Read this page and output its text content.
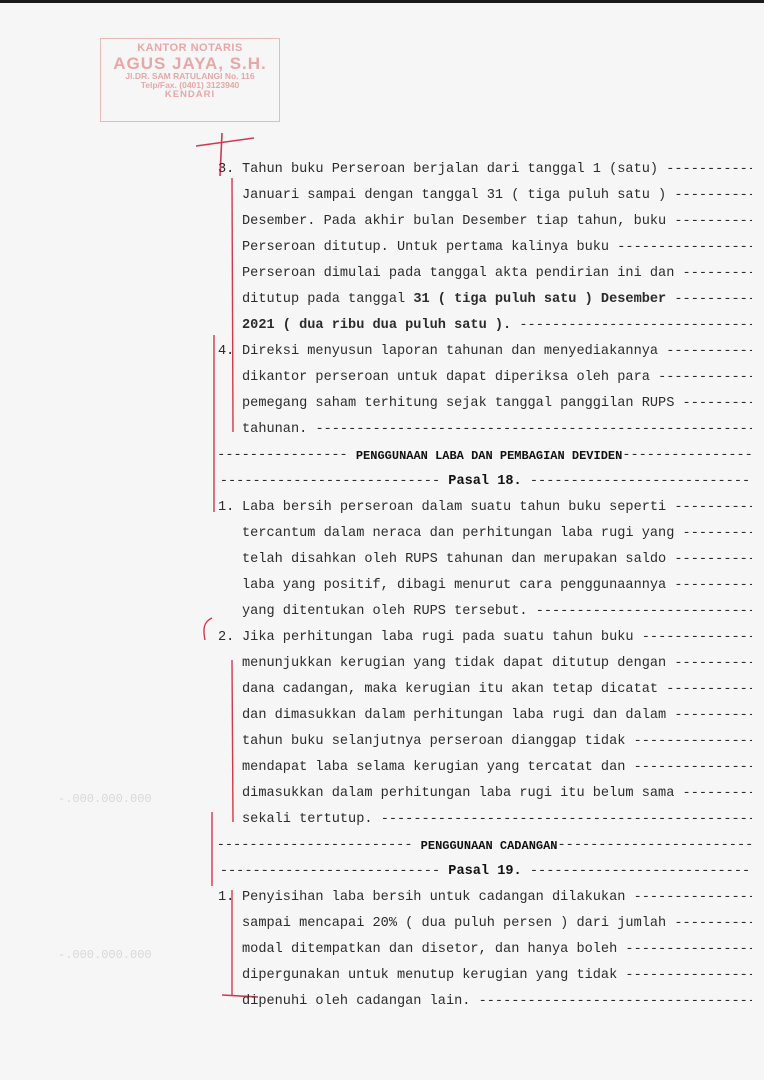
-.000.000.000
-.000.000.000
KANTOR NOTARIS
AGUS JAYA, S.H.
Jl.DR. SAM RATULANGI No. 116
Telp/Fax. (0401) 3123940
KENDARI
3. Tahun buku Perseroan berjalan dari tanggal 1 (satu)

-----
Januari sampai dengan tanggal 31 ( tiga puluh satu )

-----
Desember. Pada akhir bulan Desember tiap tahun, buku

-----
Perseroan ditutup. Untuk pertama kalinya buku

-----
Perseroan dimulai pada tanggal akta pendirian ini dan

-----
ditutup pada tanggal 31 ( tiga puluh satu ) Desember

-----
2021 ( dua ribu dua puluh satu ).

-----
4. Direksi menyusun laporan tahunan dan menyediakannya

-----
dikantor perseroan untuk dapat diperiksa oleh para

-----
pemegang saham terhitung sejak tanggal panggilan RUPS

-----
tahunan.

-----
-----

PENGGUNAAN LABA DAN PEMBAGIAN DEVIDEN
-----
-----

Pasal 18.

-----
1. Laba bersih perseroan dalam suatu tahun buku seperti

-----
tercantum dalam neraca dan perhitungan laba rugi yang

-----
telah disahkan oleh RUPS tahunan dan merupakan saldo

-----
laba yang positif, dibagi menurut cara penggunaannya

-----
yang ditentukan oleh RUPS tersebut.

-----
2. Jika perhitungan laba rugi pada suatu tahun buku

-----
menunjukkan kerugian yang tidak dapat ditutup dengan

-----
dana cadangan, maka kerugian itu akan tetap dicatat

-----
dan dimasukkan dalam perhitungan laba rugi dan dalam

-----
tahun buku selanjutnya perseroan dianggap tidak

-----
mendapat laba selama kerugian yang tercatat dan

-----
dimasukkan dalam perhitungan laba rugi itu belum sama

-----
sekali tertutup.

-----
-----

PENGGUNAAN CADANGAN
-----
-----

Pasal 19.

-----
1. Penyisihan laba bersih untuk cadangan dilakukan

-----
sampai mencapai 20% ( dua puluh persen ) dari jumlah

-----
modal ditempatkan dan disetor, dan hanya boleh

-----
dipergunakan untuk menutup kerugian yang tidak

-----
dipenuhi oleh cadangan lain.

-----
